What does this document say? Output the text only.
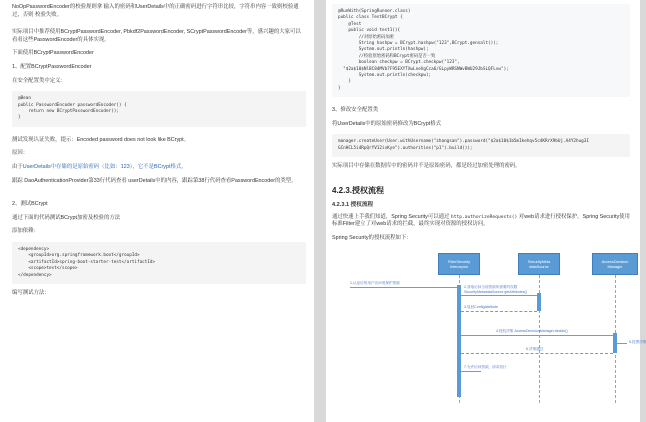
NoOpPasswordEncoder的校验规则拿 输入的密码和UserDetails中的正确密码进行字符串比较，字符串内容一致则校验通过，否则 校验失败。

实际项目中推荐使用BCryptPasswordEncoder, Pbkdf2PasswordEncoder, SCryptPasswordEncoder等，感兴趣的大家可以看看这些PasswordEncoder的具体实现。

下面使用BCryptPasswordEncoder

1、配置BCryptPasswordEncoder

在安全配置类中定义：

@Bean
public PasswordEncoder passwordEncoder() {
return new BCryptPasswordEncoder();
}

测试发现认证失败，提示：Encoded password does not look like BCrypt。

原因：

由于UserDetails中存储的是原始密码（比如：123），它不是BCrypt格式。

跟踪 DaoAuthenticationProvider第33行代码查看 userDetails中的内容，跟踪第38行代码查看PasswordEncoder的类型。

2、测试BCrypt

通过下面的代码测试BCrypt加密及校验的方法

添加依赖：

<dependency>
<groupId>org.springframework.boot</groupId>
<artifactId>spring-boot-starter-test</artifactId>
<scope>test</scope>
</dependency>

编写测试方法：

@RunWith(SpringRunner.class)
public class TestBCrypt {
@Test
public void test1(){
//对原始密码加密
String hashpw = BCrypt.hashpw("123",BCrypt.gensalt());
System.out.println(hashpw);
//校验原始密码和BCrypt密码是否一致
boolean checkpw = BCrypt.checkpw("123",
"$2a$10$NlBC84MVb7F95EXYTXwLneXgCca6/GLpyWRSNWvBWU29JbSLQFLvw");
System.out.println(checkpw);
}
}

3、修改安全配置类

将UserDetails中的原始密码修改为BCrypt格式

manager.createUser(User.withUsername("zhangsan").password("$2a$10$1b5mIkehqv5c4KRrX9bUj.A4Y2hug3I
GCnHCL5i4RpQrYV12ivKye").authorities("p1").build());

实际项目中存储在数据库中的密码并不是原始密码，都是经过加密处理的密码。

4.2.3.授权流程

4.2.3.1 授权流程

通过快速上手我们知道，Spring Security可以通过 http.authorizeRequests() 对web请求进行授权保护。Spring Security使用标准Filter建立了对web请求的拦截，最终实现对资源的授权访问。

Spring Security的授权流程如下：

FilterSecurity
Interceptor
SecurityMeta
dataSource
AccessDecision
Manager
1.认证后的用户访问受保护资源
2.获取访问当前资源所需要的权限
SecurityMetadataSource.getAttributes()
3.返回ConfigAttribute
4.授权决策 AccessDecisionManager.decide()
5.投票决策
6.决策通过
7.允许访问资源，请求放行
